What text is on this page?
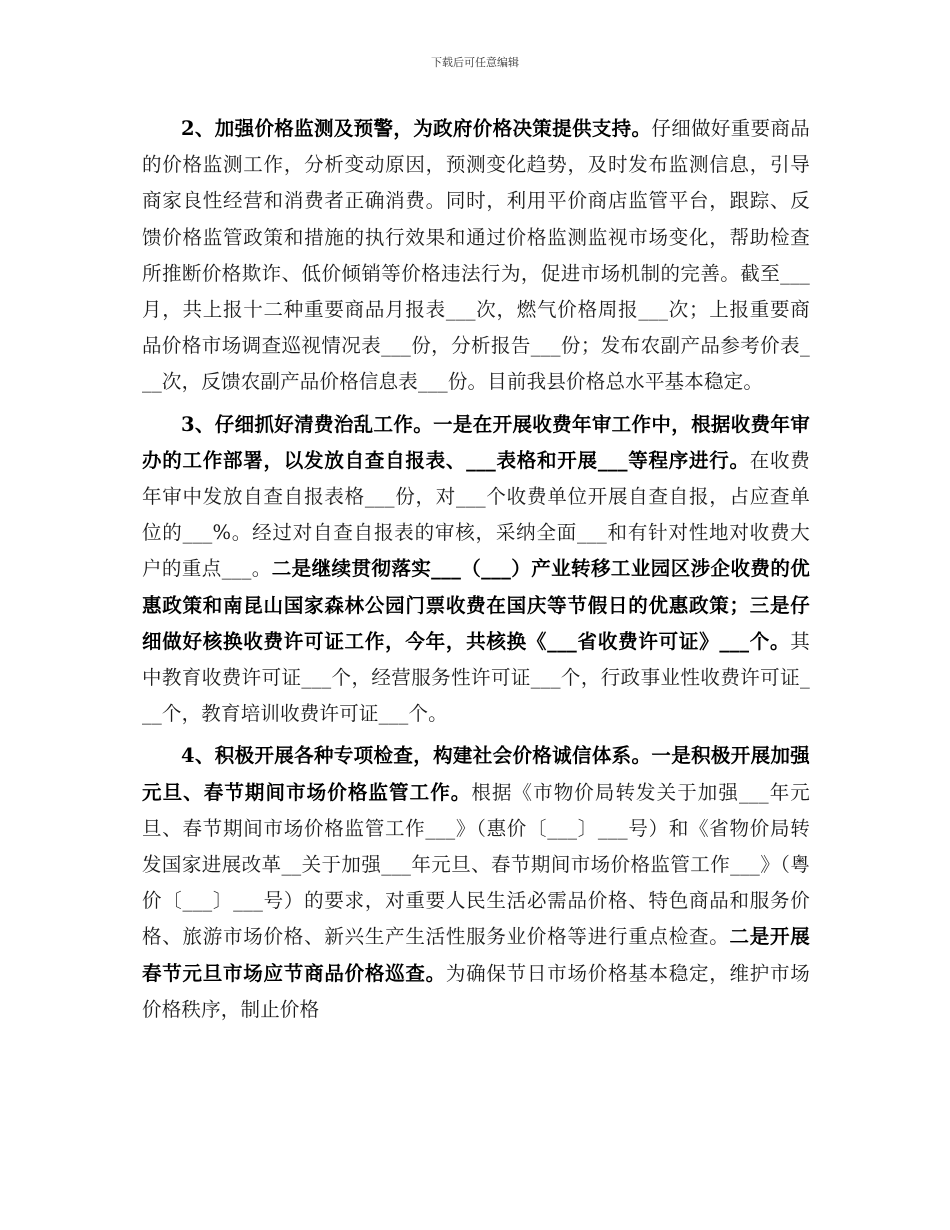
下载后可任意编辑

2、加强价格监测及预警，为政府价格决策提供支持。仔细做好重要商品的价格监测工作，分析变动原因，预测变化趋势，及时发布监测信息，引导商家良性经营和消费者正确消费。同时，利用平价商店监管平台，跟踪、反馈价格监管政策和措施的执行效果和通过价格监测监视市场变化，帮助检查所推断价格欺诈、低价倾销等价格违法行为，促进市场机制的完善。截至___月，共上报十二种重要商品月报表___次，燃气价格周报___次；上报重要商品价格市场调查巡视情况表___份，分析报告___份；发布农副产品参考价表___次，反馈农副产品价格信息表___份。目前我县价格总水平基本稳定。

3、仔细抓好清费治乱工作。一是在开展收费年审工作中，根据收费年审办的工作部署，以发放自查自报表、___表格和开展___等程序进行。在收费年审中发放自查自报表格___份，对___个收费单位开展自查自报，占应查单位的___%。经过对自查自报表的审核，采纳全面___和有针对性地对收费大户的重点___。二是继续贯彻落实___（___）产业转移工业园区涉企收费的优惠政策和南昆山国家森林公园门票收费在国庆等节假日的优惠政策；三是仔细做好核换收费许可证工作，今年，共核换《___省收费许可证》___个。其中教育收费许可证___个，经营服务性许可证___个，行政事业性收费许可证___个，教育培训收费许可证___个。

4、积极开展各种专项检查，构建社会价格诚信体系。一是积极开展加强元旦、春节期间市场价格监管工作。根据《市物价局转发关于加强___年元旦、春节期间市场价格监管工作___》（惠价〔___〕___号）和《省物价局转发国家进展改革__关于加强___年元旦、春节期间市场价格监管工作___》（粤价〔___〕___号）的要求，对重要人民生活必需品价格、特色商品和服务价格、旅游市场价格、新兴生产生活性服务业价格等进行重点检查。二是开展春节元旦市场应节商品价格巡查。为确保节日市场价格基本稳定，维护市场价格秩序，制止价格
